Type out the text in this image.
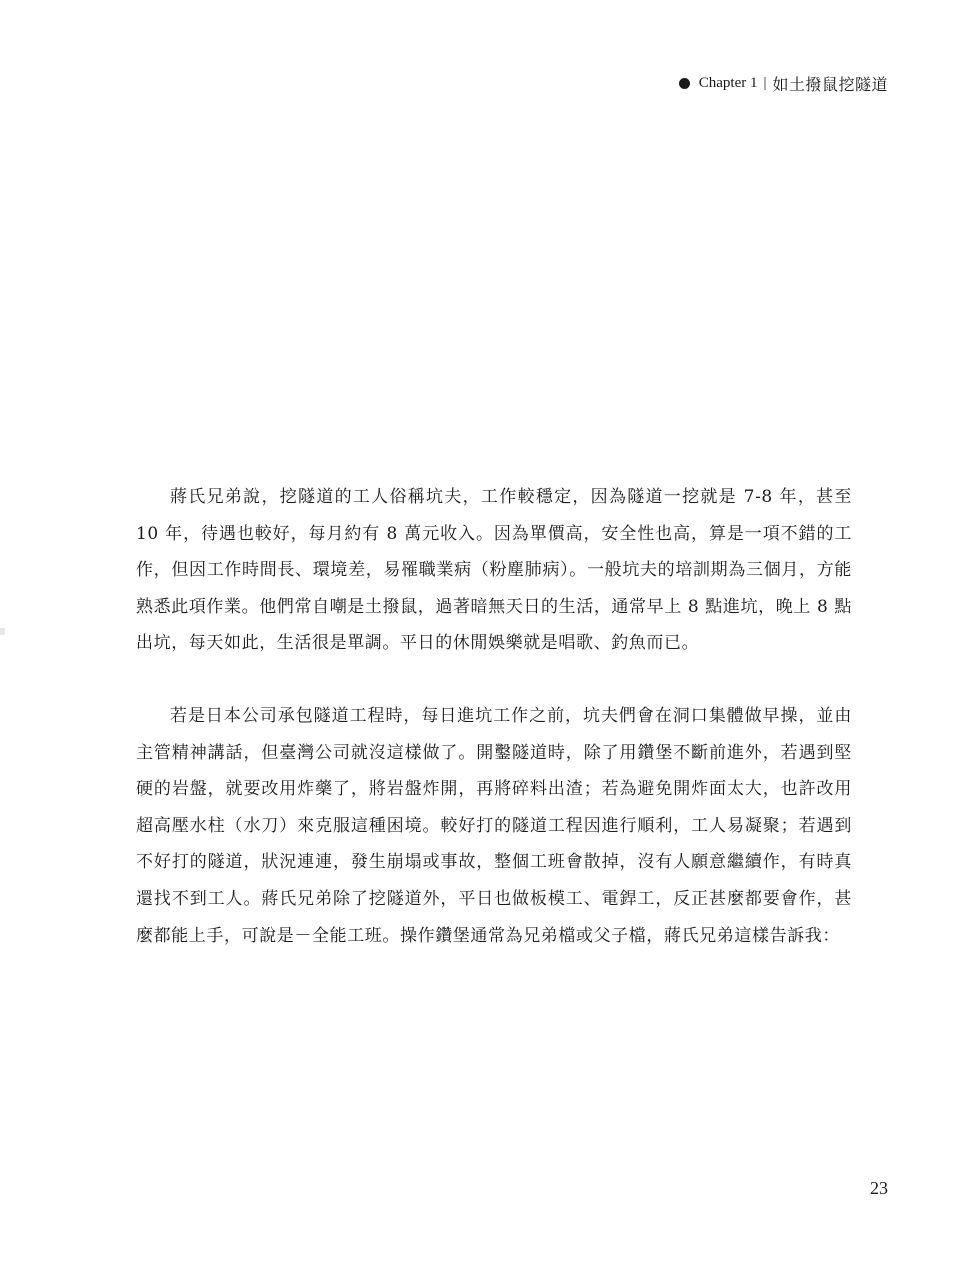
Chapter 1 | 如土撥鼠挖隧道

蔣氏兄弟說，挖隧道的工人俗稱坑夫，工作較穩定，因為隧道一挖就是 7-8 年，甚至 10 年，待遇也較好，每月約有 8 萬元收入。因為單價高，安全性也高，算是一項不錯的工作，但因工作時間長、環境差，易罹職業病（粉塵肺病）。一般坑夫的培訓期為三個月，方能熟悉此項作業。他們常自嘲是土撥鼠，過著暗無天日的生活，通常早上 8 點進坑，晚上 8 點出坑，每天如此，生活很是單調。平日的休閒娛樂就是唱歌、釣魚而已。

若是日本公司承包隧道工程時，每日進坑工作之前，坑夫們會在洞口集體做早操，並由主管精神講話，但臺灣公司就沒這樣做了。開鑿隧道時，除了用鑽堡不斷前進外，若遇到堅硬的岩盤，就要改用炸藥了，將岩盤炸開，再將碎料出渣；若為避免開炸面太大，也許改用超高壓水柱（水刀）來克服這種困境。較好打的隧道工程因進行順利，工人易凝聚；若遇到不好打的隧道，狀況連連，發生崩塌或事故，整個工班會散掉，沒有人願意繼續作，有時真還找不到工人。蔣氏兄弟除了挖隧道外，平日也做板模工、電銲工，反正甚麼都要會作，甚麼都能上手，可說是－全能工班。操作鑽堡通常為兄弟檔或父子檔，蔣氏兄弟這樣告訴我：

23
